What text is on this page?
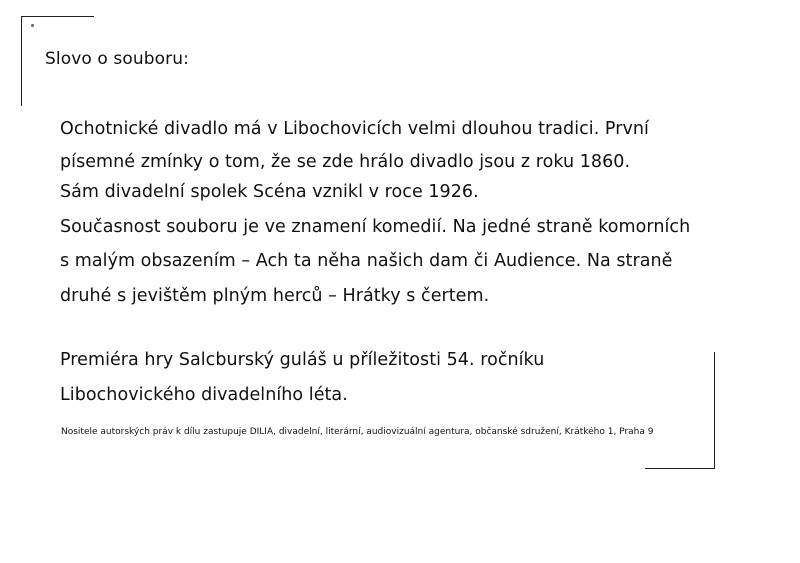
Slovo o souboru:
Ochotnické divadlo má v Libochovicích velmi dlouhou tradici. První
písemné zmínky o tom, že se zde hrálo divadlo jsou z roku 1860.
Sám divadelní spolek Scéna vznikl v roce 1926.
Současnost souboru je ve znamení komedií. Na jedné straně komorních
s malým obsazením – Ach ta něha našich dam či Audience. Na straně
druhé s jevištěm plným herců – Hrátky s čertem.
Premiéra hry Salcburský guláš u příležitosti 54. ročníku
Libochovického divadelního léta.
Nositele autorských práv k dílu zastupuje DILIA, divadelní, literární, audiovizuální agentura, občanské sdružení, Krátkého 1, Praha 9
